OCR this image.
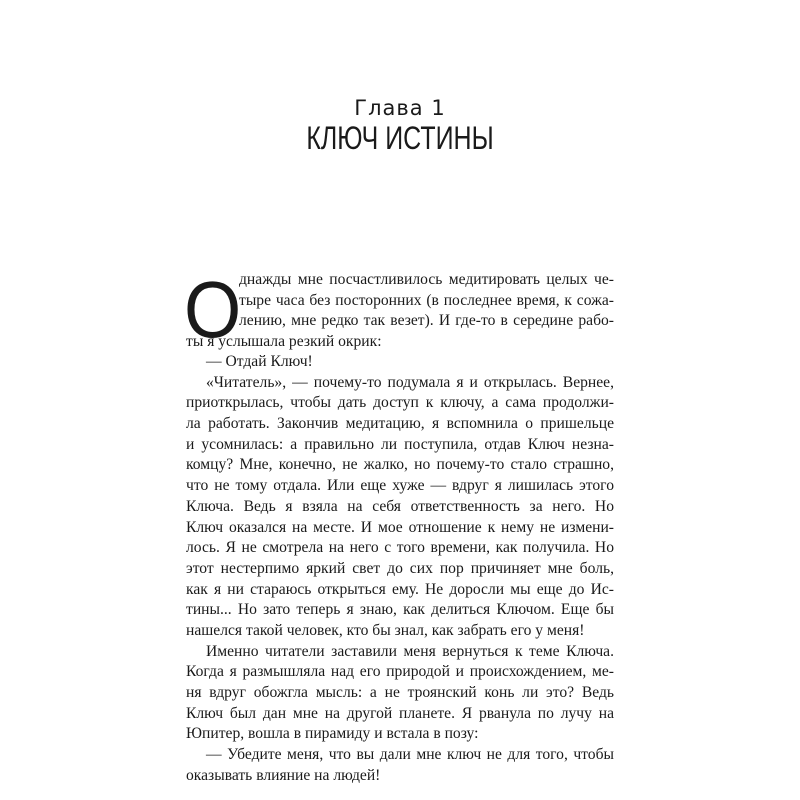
Глава 1
КЛЮЧ ИСТИНЫ
О
днажды мне посчастливилось медитировать целых че-
тыре часа без посторонних (в последнее время, к сожа-
лению, мне редко так везет). И где-то в середине рабо-
ты я услышала резкий окрик:
— Отдай Ключ!
«Читатель», — почему-то подумала я и открылась. Вернее,
приоткрылась, чтобы дать доступ к ключу, а сама продолжи-
ла работать. Закончив медитацию, я вспомнила о пришельце
и усомнилась: а правильно ли поступила, отдав Ключ незна-
комцу? Мне, конечно, не жалко, но почему-то стало страшно,
что не тому отдала. Или еще хуже — вдруг я лишилась этого
Ключа. Ведь я взяла на себя ответственность за него. Но
Ключ оказался на месте. И мое отношение к нему не измени-
лось. Я не смотрела на него с того времени, как получила. Но
этот нестерпимо яркий свет до сих пор причиняет мне боль,
как я ни стараюсь открыться ему. Не доросли мы еще до Ис-
тины... Но зато теперь я знаю, как делиться Ключом. Еще бы
нашелся такой человек, кто бы знал, как забрать его у меня!
Именно читатели заставили меня вернуться к теме Ключа.
Когда я размышляла над его природой и происхождением, ме-
ня вдруг обожгла мысль: а не троянский конь ли это? Ведь
Ключ был дан мне на другой планете. Я рванула по лучу на
Юпитер, вошла в пирамиду и встала в позу:
— Убедите меня, что вы дали мне ключ не для того, чтобы
оказывать влияние на людей!
